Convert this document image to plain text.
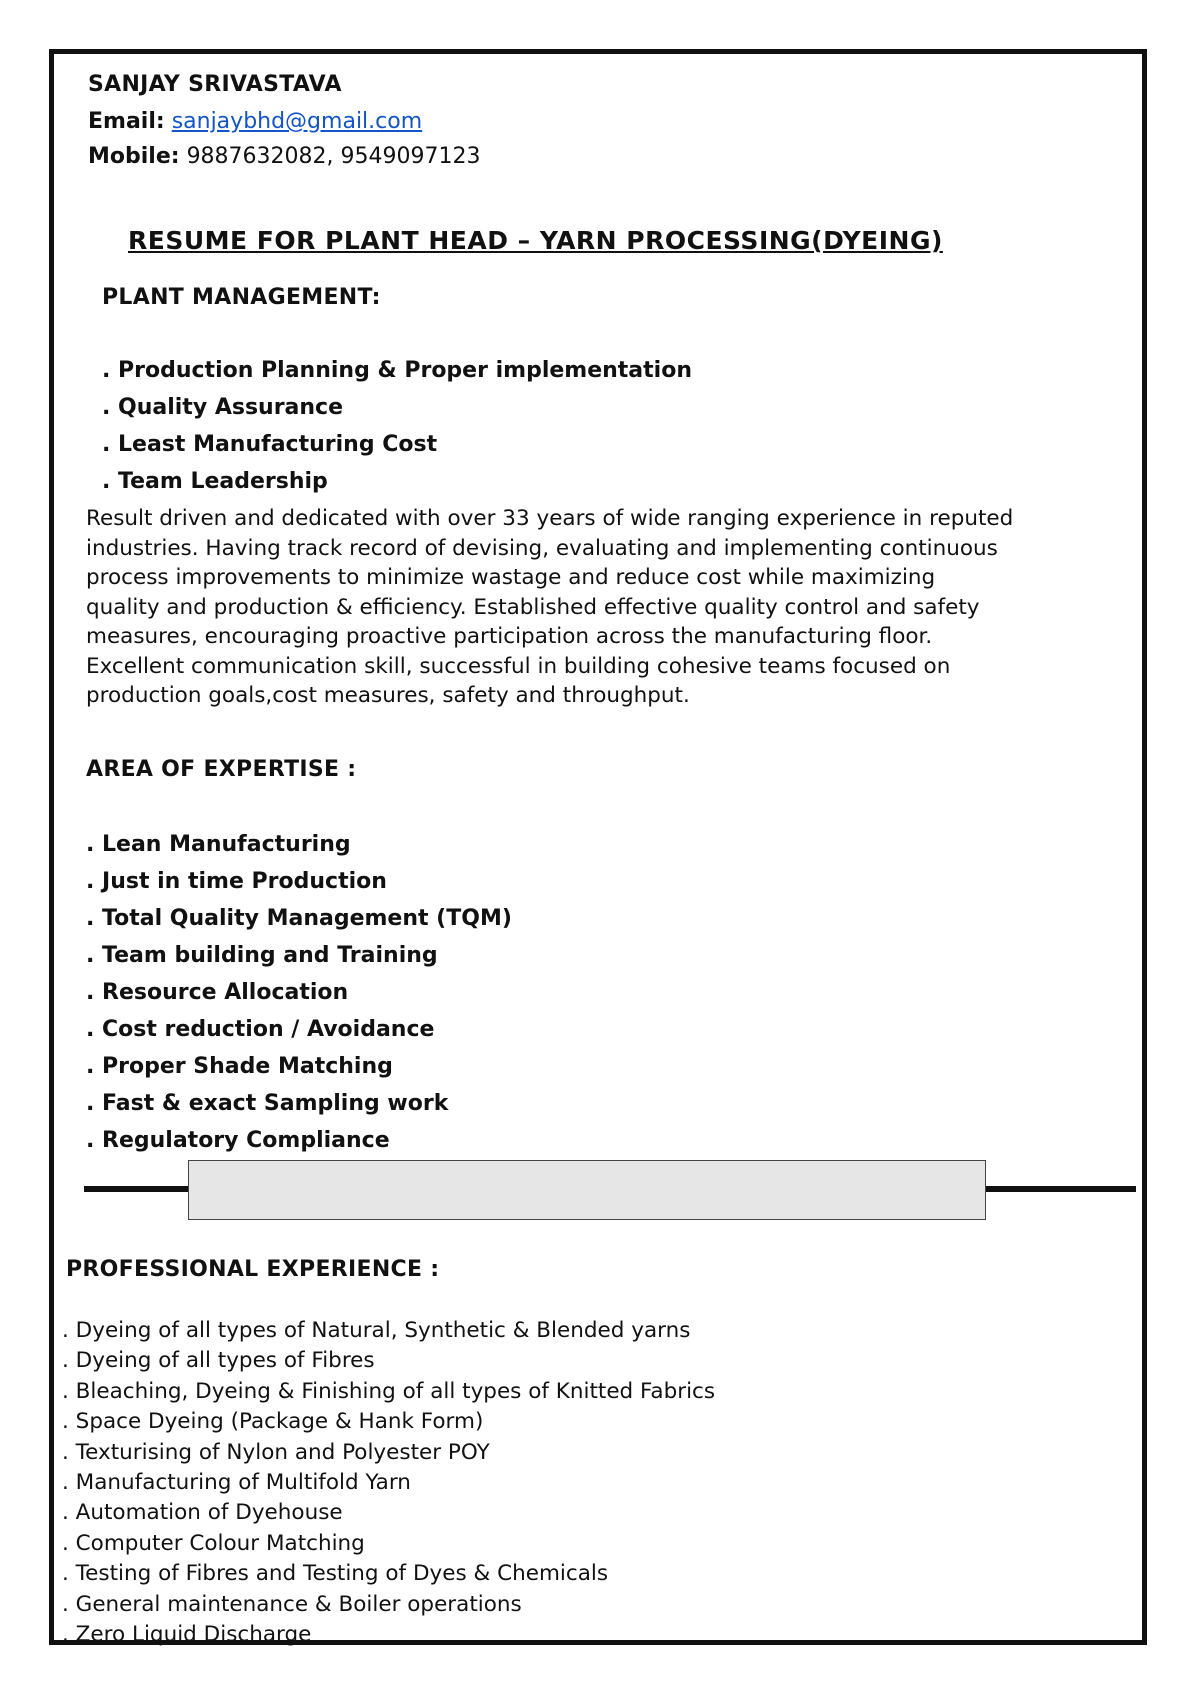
SANJAY SRIVASTAVA
Email: sanjaybhd@gmail.com
Mobile: 9887632082, 9549097123
RESUME FOR PLANT HEAD – YARN PROCESSING(DYEING)
PLANT MANAGEMENT:
. Production Planning & Proper implementation
. Quality Assurance
. Least Manufacturing Cost
. Team Leadership
Result driven and dedicated with over 33 years of wide ranging experience in reputed
industries. Having track record of devising, evaluating and implementing continuous
process improvements to minimize wastage and reduce cost while maximizing
quality and production & efficiency. Established effective quality control and safety
measures, encouraging proactive participation across the manufacturing floor.
Excellent communication skill, successful in building cohesive teams focused on
production goals,cost measures, safety and throughput.
AREA OF EXPERTISE :
. Lean Manufacturing
. Just in time Production
. Total Quality Management (TQM)
. Team building and Training
. Resource Allocation
. Cost reduction / Avoidance
. Proper Shade Matching
. Fast & exact Sampling work
. Regulatory Compliance
PROFESSIONAL EXPERIENCE :
. Dyeing of all types of Natural, Synthetic & Blended yarns
. Dyeing of all types of Fibres
. Bleaching, Dyeing & Finishing of all types of Knitted Fabrics
. Space Dyeing (Package & Hank Form)
. Texturising of Nylon and Polyester POY
. Manufacturing of Multifold Yarn
. Automation of Dyehouse
. Computer Colour Matching
. Testing of Fibres and Testing of Dyes & Chemicals
. General maintenance & Boiler operations
. Zero Liquid Discharge
